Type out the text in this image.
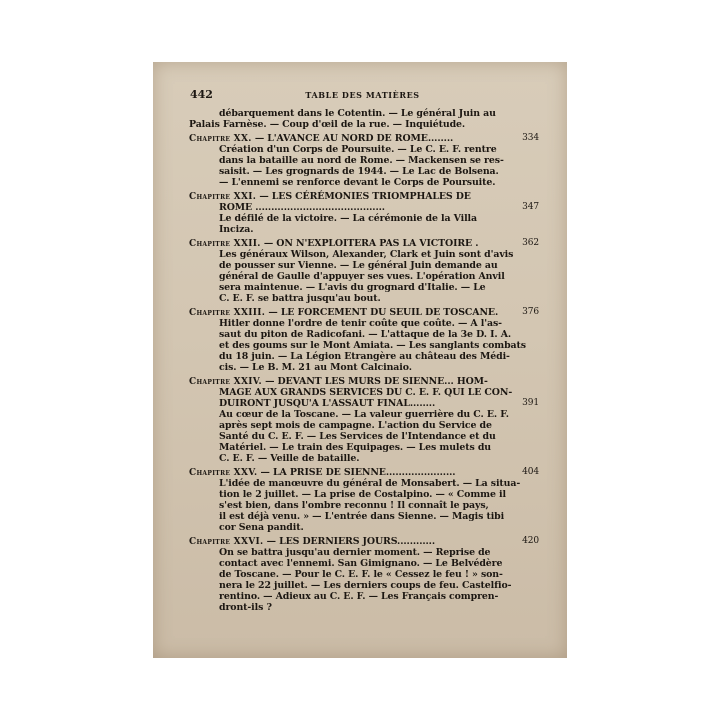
442	TABLE DES MATIÈRES
débarquement dans le Cotentin. — Le général Juin au
Palais Farnèse. — Coup d'œil de la rue. — Inquiétude.
Chapitre XX. — L'AVANCE AU NORD DE ROME........	334
Création d'un Corps de Poursuite. — Le C. E. F. rentre
dans la bataille au nord de Rome. — Mackensen se res-
saisit. — Les grognards de 1944. — Le Lac de Bolsena.
— L'ennemi se renforce devant le Corps de Poursuite.
Chapitre XXI. — LES CÉRÉMONIES TRIOMPHALES DE
ROME .........................................	347
Le défilé de la victoire. — La cérémonie de la Villa
Inciza.
Chapitre XXII. — ON N'EXPLOITERA PAS LA VICTOIRE .	362
Les généraux Wilson, Alexander, Clark et Juin sont d'avis
de pousser sur Vienne. — Le général Juin demande au
général de Gaulle d'appuyer ses vues. L'opération Anvil
sera maintenue. — L'avis du grognard d'Italie. — Le
C. E. F. se battra jusqu'au bout.
Chapitre XXIII. — LE FORCEMENT DU SEUIL DE TOSCANE.	376
Hitler donne l'ordre de tenir coûte que coûte. — A l'as-
saut du piton de Radicofani. — L'attaque de la 3e D. I. A.
et des goums sur le Mont Amiata. — Les sanglants combats
du 18 juin. — La Légion Etrangère au château des Médi-
cis. — Le B. M. 21 au Mont Calcinaio.
Chapitre XXIV. — DEVANT LES MURS DE SIENNE... HOM-
MAGE AUX GRANDS SERVICES DU C. E. F. QUI LE CON-
DUIRONT JUSQU'A L'ASSAUT FINAL........	391
Au cœur de la Toscane. — La valeur guerrière du C. E. F.
après sept mois de campagne. L'action du Service de
Santé du C. E. F. — Les Services de l'Intendance et du
Matériel. — Le train des Equipages. — Les mulets du
C. E. F. — Veille de bataille.
Chapitre XXV. — LA PRISE DE SIENNE......................	404
L'idée de manœuvre du général de Monsabert. — La situa-
tion le 2 juillet. — La prise de Costalpino. — « Comme il
s'est bien, dans l'ombre reconnu ! Il connaît le pays,
il est déjà venu. » — L'entrée dans Sienne. — Magis tibi
cor Sena pandit.
Chapitre XXVI. — LES DERNIERS JOURS............	420
On se battra jusqu'au dernier moment. — Reprise de
contact avec l'ennemi. San Gimignano. — Le Belvédère
de Toscane. — Pour le C. E. F. le « Cessez le feu ! » son-
nera le 22 juillet. — Les derniers coups de feu. Castelfio-
rentino. — Adieux au C. E. F. — Les Français compren-
dront-ils ?
